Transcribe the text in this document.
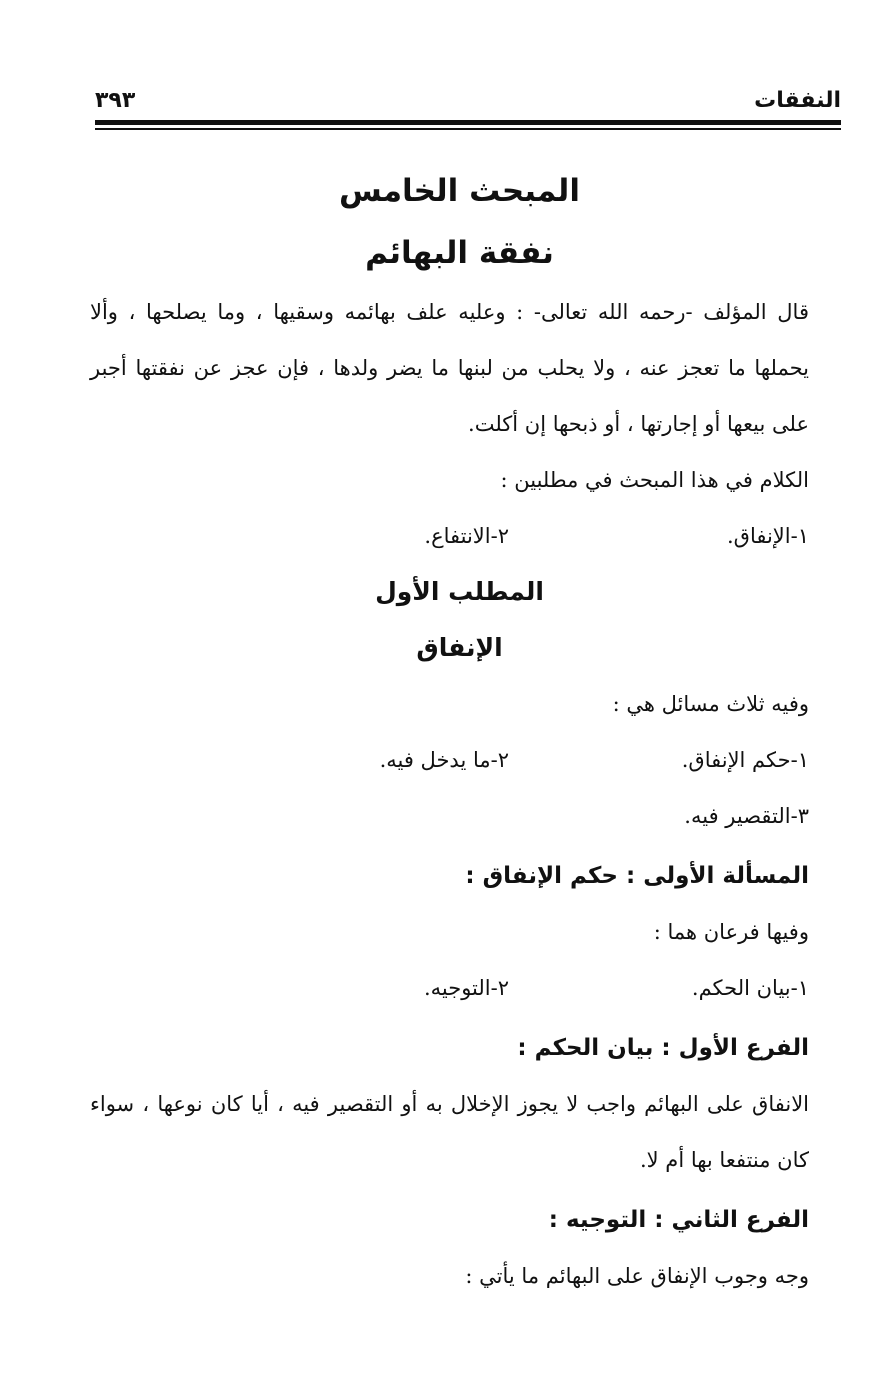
النفقات
٣٩٣
المبحث الخامس
نفقة البهائم
قال المؤلف -رحمه الله تعالى- : وعليه علف بهائمه وسقيها ، وما يصلحها ، وألا يحملها ما تعجز عنه ، ولا يحلب من لبنها ما يضر ولدها ، فإن عجز عن نفقتها أجبر على بيعها أو إجارتها ، أو ذبحها إن أكلت.
الكلام في هذا المبحث في مطلبين :
١-الإنفاق.
٢-الانتفاع.
المطلب الأول
الإنفاق
وفيه ثلاث مسائل هي :
١-حكم الإنفاق.
٢-ما يدخل فيه.
٣-التقصير فيه.
المسألة الأولى : حكم الإنفاق :
وفيها فرعان هما :
١-بيان الحكم.
٢-التوجيه.
الفرع الأول : بيان الحكم :
الانفاق على البهائم واجب لا يجوز الإخلال به أو التقصير فيه ، أيا كان نوعها ، سواء كان منتفعا بها أم لا.
الفرع الثاني : التوجيه :
وجه وجوب الإنفاق على البهائم ما يأتي :
